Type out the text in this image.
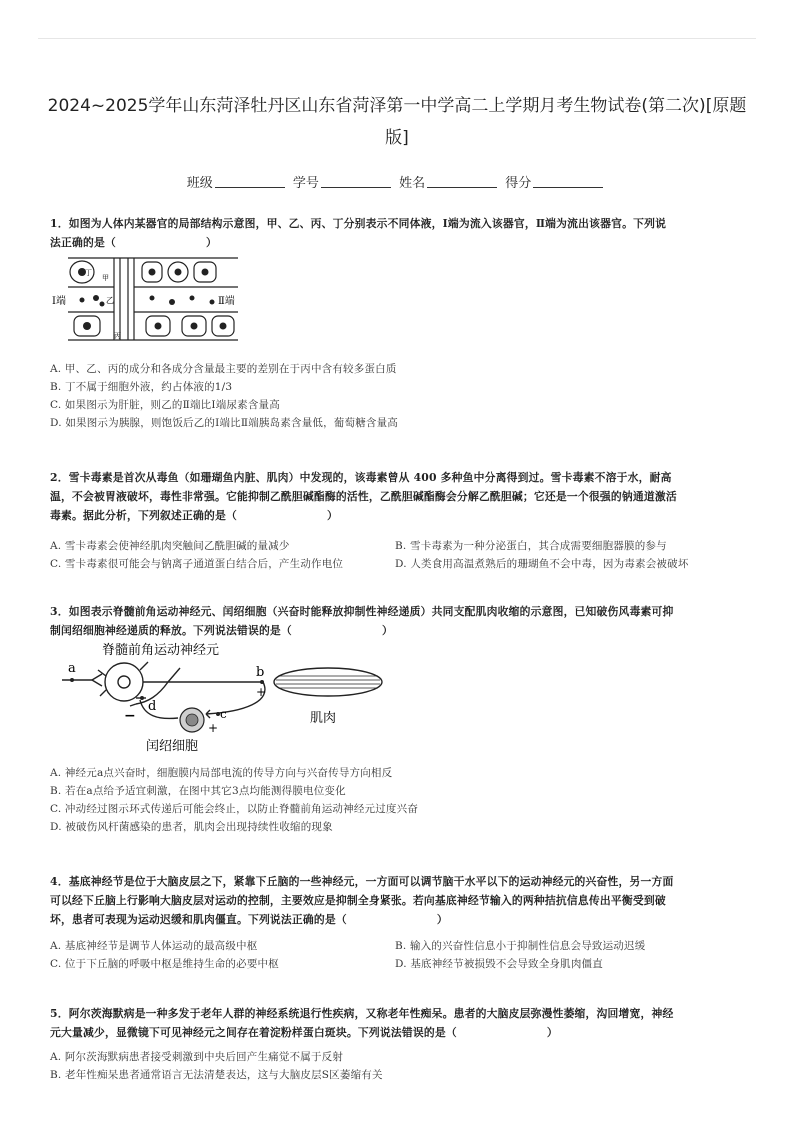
2024~2025学年山东菏泽牡丹区山东省菏泽第一中学高二上学期月考生物试卷(第二次)[原题
版]
班级	学号	姓名	得分
1．如图为人体内某器官的局部结构示意图，甲、乙、丙、丁分别表示不同体液，Ⅰ端为流入该器官，Ⅱ端为流出该器官。下列说
法正确的是（	）
Ⅰ端	Ⅱ端
丁
甲
乙
丙
A. 甲、乙、丙的成分和各成分含量最主要的差别在于丙中含有较多蛋白质
B. 丁不属于细胞外液，约占体液的1/3
C. 如果图示为肝脏，则乙的Ⅱ端比Ⅰ端尿素含量高
D. 如果图示为胰腺，则饱饭后乙的Ⅰ端比Ⅱ端胰岛素含量低，葡萄糖含量高
2．雪卡毒素是首次从毒鱼（如珊瑚鱼内脏、肌肉）中发现的，该毒素曾从 400 多种鱼中分离得到过。雪卡毒素不溶于水，耐高
温，不会被胃液破坏，毒性非常强。它能抑制乙酰胆碱酯酶的活性，乙酰胆碱酯酶会分解乙酰胆碱；它还是一个很强的钠通道激活
毒素。据此分析，下列叙述正确的是（	）
A. 雪卡毒素会使神经肌肉突触间乙酰胆碱的量减少	B. 雪卡毒素为一种分泌蛋白，其合成需要细胞器膜的参与
C. 雪卡毒素很可能会与钠离子通道蛋白结合后，产生动作电位	D. 人类食用高温煮熟后的珊瑚鱼不会中毒，因为毒素会被破坏
3．如图表示脊髓前角运动神经元、闰绍细胞（兴奋时能释放抑制性神经递质）共同支配肌肉收缩的示意图，已知破伤风毒素可抑
制闰绍细胞神经递质的释放。下列说法错误的是（	）
脊髓前角运动神经元
a	b
+
c
+
d
−	肌肉
闰绍细胞
A. 神经元a点兴奋时，细胞膜内局部电流的传导方向与兴奋传导方向相反
B. 若在a点给予适宜刺激，在图中其它3点均能测得膜电位变化
C. 冲动经过图示环式传递后可能会终止，以防止脊髓前角运动神经元过度兴奋
D. 被破伤风杆菌感染的患者，肌肉会出现持续性收缩的现象
4．基底神经节是位于大脑皮层之下，紧靠下丘脑的一些神经元，一方面可以调节脑干水平以下的运动神经元的兴奋性，另一方面
可以经下丘脑上行影响大脑皮层对运动的控制，主要效应是抑制全身紧张。若向基底神经节输入的两种拮抗信息传出平衡受到破
坏，患者可表现为运动迟缓和肌肉僵直。下列说法正确的是（	）
A. 基底神经节是调节人体运动的最高级中枢	B. 输入的兴奋性信息小于抑制性信息会导致运动迟缓
C. 位于下丘脑的呼吸中枢是维持生命的必要中枢	D. 基底神经节被损毁不会导致全身肌肉僵直
5．阿尔茨海默病是一种多发于老年人群的神经系统退行性疾病，又称老年性痴呆。患者的大脑皮层弥漫性萎缩，沟回增宽，神经
元大量减少，显微镜下可见神经元之间存在着淀粉样蛋白斑块。下列说法错误的是（	）
A. 阿尔茨海默病患者接受刺激到中央后回产生痛觉不属于反射
B. 老年性痴呆患者通常语言无法清楚表达，这与大脑皮层S区萎缩有关
